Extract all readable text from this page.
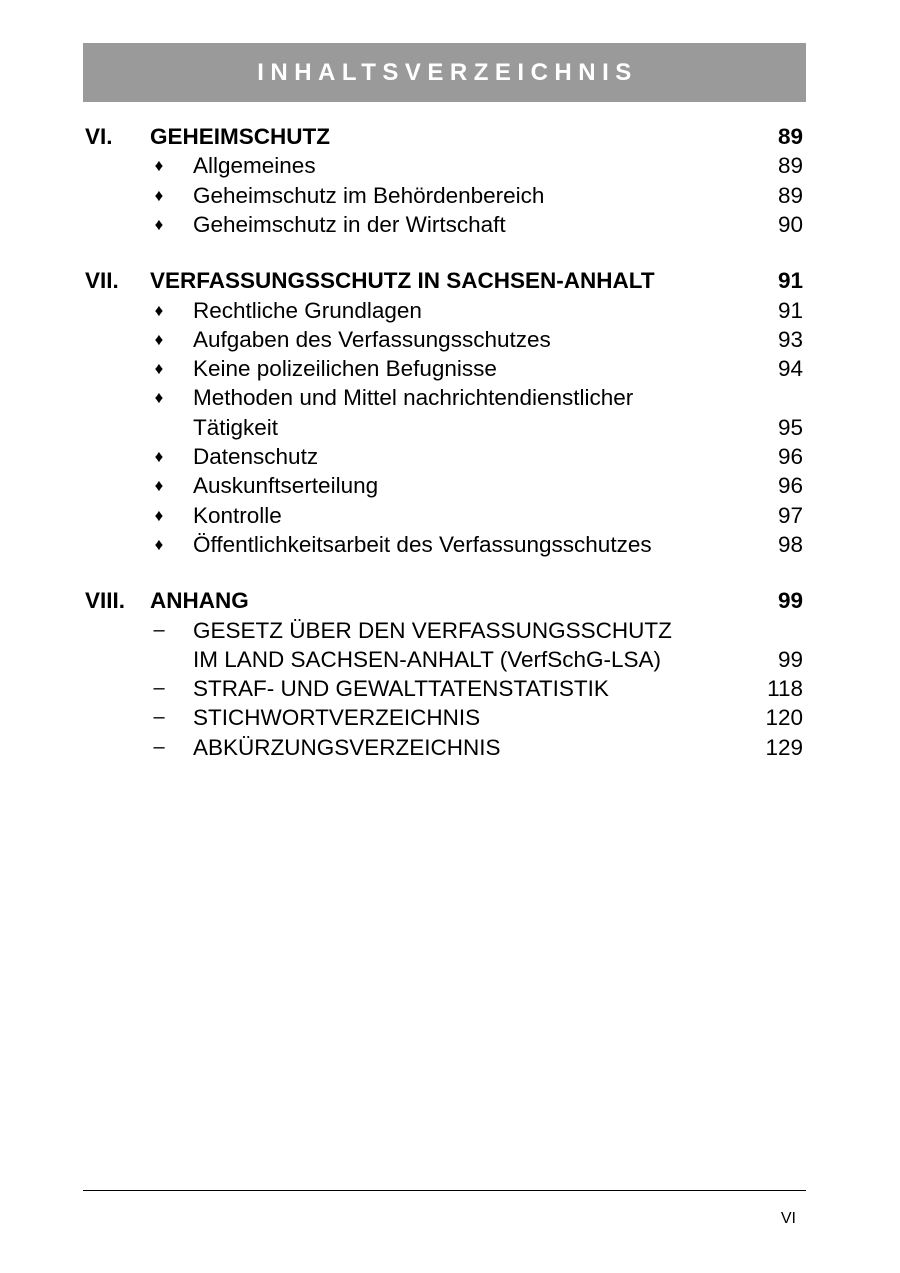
INHALTSVERZEICHNIS
VI. GEHEIMSCHUTZ	89
♦ Allgemeines	89
♦ Geheimschutz im Behördenbereich	89
♦ Geheimschutz in der Wirtschaft	90
VII. VERFASSUNGSSCHUTZ IN SACHSEN-ANHALT	91
♦ Rechtliche Grundlagen	91
♦ Aufgaben des Verfassungsschutzes	93
♦ Keine polizeilichen Befugnisse	94
♦ Methoden und Mittel nachrichtendienstlicher
Tätigkeit	95
♦ Datenschutz	96
♦ Auskunftserteilung	96
♦ Kontrolle	97
♦ Öffentlichkeitsarbeit des Verfassungsschutzes	98
VIII. ANHANG	99
– GESETZ ÜBER DEN VERFASSUNGSSCHUTZ
IM LAND SACHSEN-ANHALT (VerfSchG-LSA)	99
– STRAF- UND GEWALTTATENSTATISTIK	118
– STICHWORTVERZEICHNIS	120
– ABKÜRZUNGSVERZEICHNIS	129
VI
